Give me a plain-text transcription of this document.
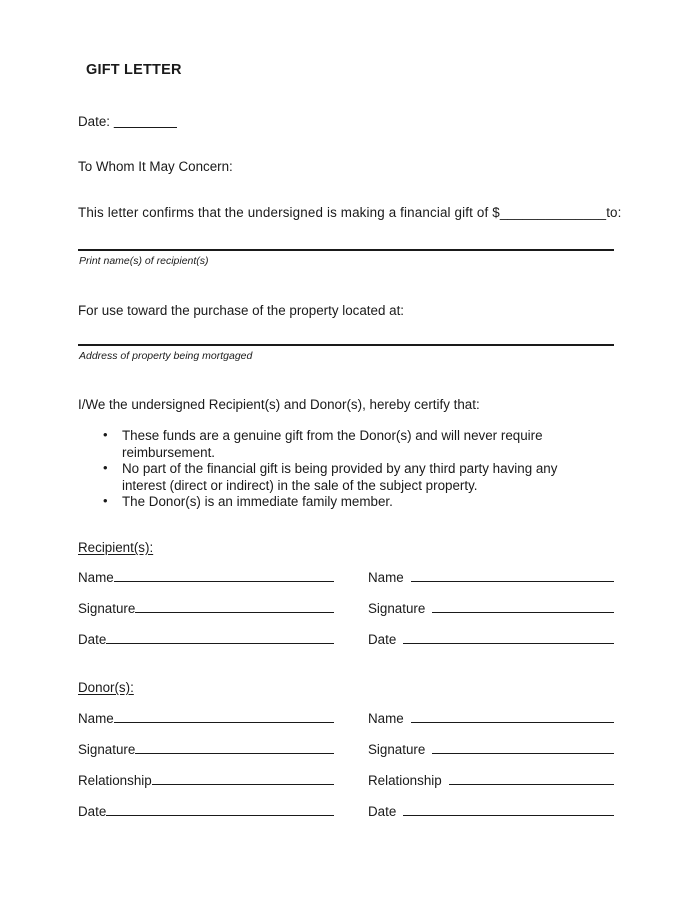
GIFT LETTER
Date:
To Whom It May Concern:
This letter confirms that the undersigned is making a financial gift of $______________to:
Print name(s) of recipient(s)
For use toward the purchase of the property located at:
Address of property being mortgaged
I/We the undersigned Recipient(s) and Donor(s), hereby certify that:
• These funds are a genuine gift from the Donor(s) and will never require reimbursement.
• No part of the financial gift is being provided by any third party having any interest (direct or indirect) in the sale of the subject property.
• The Donor(s) is an immediate family member.
Recipient(s):
Name	Name
Signature	Signature
Date	Date
Donor(s):
Name	Name
Signature	Signature
Relationship	Relationship
Date	Date
